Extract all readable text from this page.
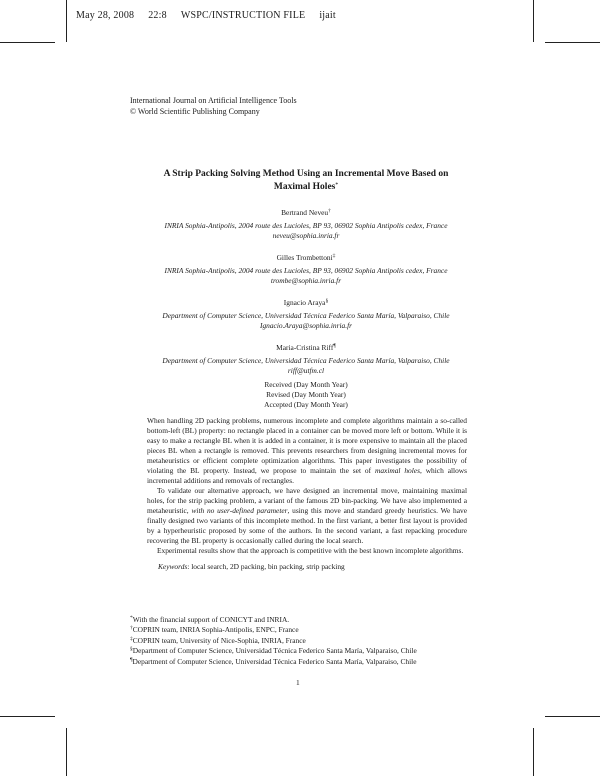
May 28, 2008 22:8 WSPC/INSTRUCTION FILE ijait
International Journal on Artificial Intelligence Tools
© World Scientific Publishing Company
A Strip Packing Solving Method Using an Incremental Move Based on
Maximal Holes*
Bertrand Neveu†
INRIA Sophia-Antipolis, 2004 route des Lucioles, BP 93, 06902 Sophia Antipolis cedex, France
neveu@sophia.inria.fr
Gilles Trombettoni‡
INRIA Sophia-Antipolis, 2004 route des Lucioles, BP 93, 06902 Sophia Antipolis cedex, France
trombe@sophia.inria.fr
Ignacio Araya§
Department of Computer Science, Universidad Técnica Federico Santa María, Valparaiso, Chile
Ignacio.Araya@sophia.inria.fr
Maria-Cristina Riff¶
Department of Computer Science, Universidad Técnica Federico Santa María, Valparaiso, Chile
riff@utfm.cl
Received (Day Month Year)
Revised (Day Month Year)
Accepted (Day Month Year)

When handling 2D packing problems, numerous incomplete and complete algorithms maintain a so-called bottom-left (BL) property: no rectangle placed in a container can be moved more left or bottom. While it is easy to make a rectangle BL when it is added in a container, it is more expensive to maintain all the placed pieces BL when a rectangle is removed. This prevents researchers from designing incremental moves for metaheuristics or efficient complete optimization algorithms. This paper investigates the possibility of violating the BL property. Instead, we propose to maintain the set of maximal holes, which allows incremental additions and removals of rectangles.

To validate our alternative approach, we have designed an incremental move, maintaining maximal holes, for the strip packing problem, a variant of the famous 2D bin-packing. We have also implemented a metaheuristic, with no user-defined parameter, using this move and standard greedy heuristics. We have finally designed two variants of this incomplete method. In the first variant, a better first layout is provided by a hyperheuristic proposed by some of the authors. In the second variant, a fast repacking procedure recovering the BL property is occasionally called during the local search.

Experimental results show that the approach is competitive with the best known incomplete algorithms.

Keywords: local search, 2D packing, bin packing, strip packing
*With the financial support of CONICYT and INRIA.
†COPRIN team, INRIA Sophia-Antipolis, ENPC, France
‡COPRIN team, University of Nice-Sophia, INRIA, France
§Department of Computer Science, Universidad Técnica Federico Santa María, Valparaiso, Chile
¶Department of Computer Science, Universidad Técnica Federico Santa María, Valparaiso, Chile
1
